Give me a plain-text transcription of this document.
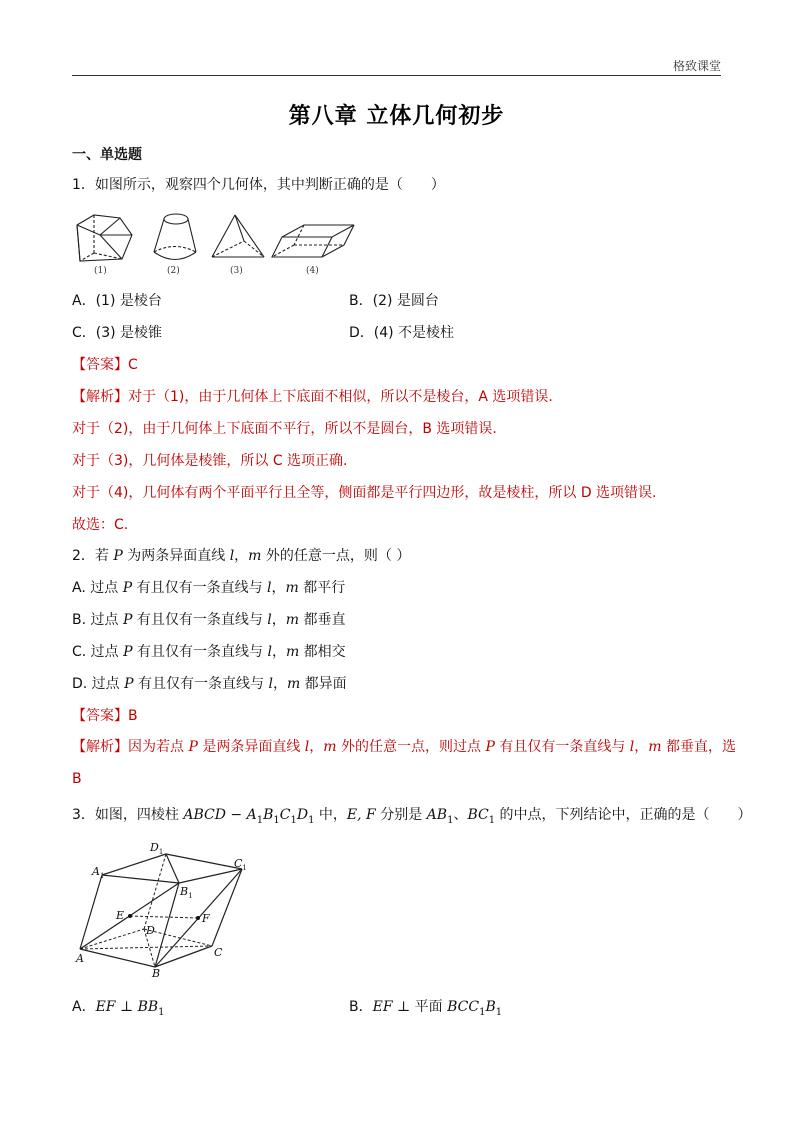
格致课堂
第八章 立体几何初步
一、单选题
1．如图所示，观察四个几何体，其中判断正确的是（　　）
(1)	(2)	(3)	(4)
A．(1) 是棱台	B．(2) 是圆台
C．(3) 是棱锥	D．(4) 不是棱柱
【答案】C
【解析】对于（1)，由于几何体上下底面不相似，所以不是棱台，A 选项错误.
对于（2)，由于几何体上下底面不平行，所以不是圆台，B 选项错误.
对于（3)，几何体是棱锥，所以 C 选项正确.
对于（4)，几何体有两个平面平行且全等，侧面都是平行四边形，故是棱柱，所以 D 选项错误.
故选：C.
2．若 P 为两条异面直线 l，m 外的任意一点，则（ ）
A. 过点 P 有且仅有一条直线与 l，m 都平行
B. 过点 P 有且仅有一条直线与 l，m 都垂直
C. 过点 P 有且仅有一条直线与 l，m 都相交
D. 过点 P 有且仅有一条直线与 l，m 都异面
【答案】B
【解析】因为若点 P 是两条异面直线 l，m 外的任意一点，则过点 P 有且仅有一条直线与 l，m 都垂直，选
B
3．如图，四棱柱 ABCD − $A_1B_1C_1D_1$ 中，E, F 分别是 $AB_1$、$BC_1$ 的中点，下列结论中，正确的是（　　）
$A_1$
$D_1$
$C_1$
$B_1$
E	F
D
A
B
C
A．EF ⊥ $BB_1$	B．EF ⊥ 平面 $BCC_1B_1$
